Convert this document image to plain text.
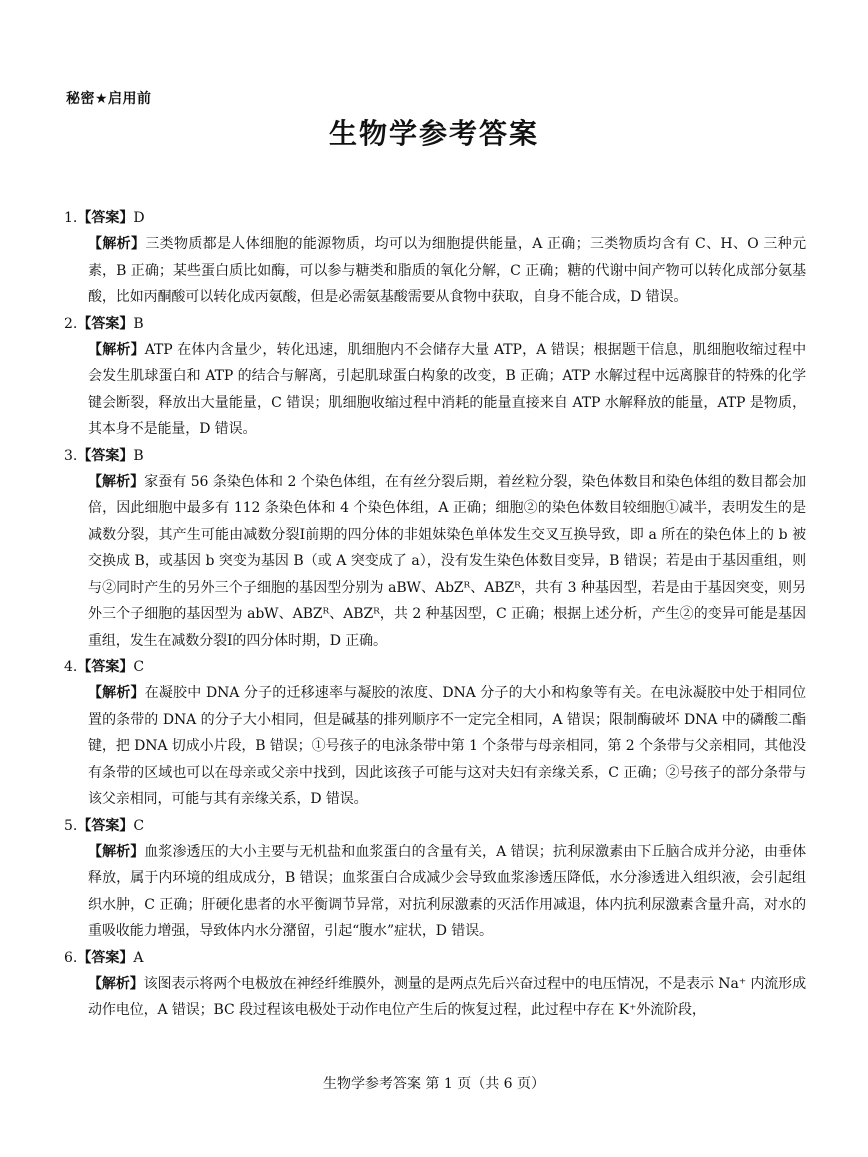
秘密★启用前
生物学参考答案
1.【答案】D
【解析】三类物质都是人体细胞的能源物质，均可以为细胞提供能量，A 正确；三类物质均含有 C、H、O 三种元素，B 正确；某些蛋白质比如酶，可以参与糖类和脂质的氧化分解，C 正确；糖的代谢中间产物可以转化成部分氨基酸，比如丙酮酸可以转化成丙氨酸，但是必需氨基酸需要从食物中获取，自身不能合成，D 错误。
2.【答案】B
【解析】ATP 在体内含量少，转化迅速，肌细胞内不会储存大量 ATP，A 错误；根据题干信息，肌细胞收缩过程中会发生肌球蛋白和 ATP 的结合与解离，引起肌球蛋白构象的改变，B 正确；ATP 水解过程中远离腺苷的特殊的化学键会断裂，释放出大量能量，C 错误；肌细胞收缩过程中消耗的能量直接来自 ATP 水解释放的能量，ATP 是物质，其本身不是能量，D 错误。
3.【答案】B
【解析】家蚕有 56 条染色体和 2 个染色体组，在有丝分裂后期，着丝粒分裂，染色体数目和染色体组的数目都会加倍，因此细胞中最多有 112 条染色体和 4 个染色体组，A 正确；细胞②的染色体数目较细胞①减半，表明发生的是减数分裂，其产生可能由减数分裂Ⅰ前期的四分体的非姐妹染色单体发生交叉互换导致，即 a 所在的染色体上的 b 被交换成 B，或基因 b 突变为基因 B（或 A 突变成了 a），没有发生染色体数目变异，B 错误；若是由于基因重组，则与②同时产生的另外三个子细胞的基因型分别为 aBW、AbZᴿ、ABZᴿ，共有 3 种基因型，若是由于基因突变，则另外三个子细胞的基因型为 abW、ABZᴿ、ABZᴿ，共 2 种基因型，C 正确；根据上述分析，产生②的变异可能是基因重组，发生在减数分裂Ⅰ的四分体时期，D 正确。
4.【答案】C
【解析】在凝胶中 DNA 分子的迁移速率与凝胶的浓度、DNA 分子的大小和构象等有关。在电泳凝胶中处于相同位置的条带的 DNA 的分子大小相同，但是碱基的排列顺序不一定完全相同，A 错误；限制酶破坏 DNA 中的磷酸二酯键，把 DNA 切成小片段，B 错误；①号孩子的电泳条带中第 1 个条带与母亲相同，第 2 个条带与父亲相同，其他没有条带的区域也可以在母亲或父亲中找到，因此该孩子可能与这对夫妇有亲缘关系，C 正确；②号孩子的部分条带与该父亲相同，可能与其有亲缘关系，D 错误。
5.【答案】C
【解析】血浆渗透压的大小主要与无机盐和血浆蛋白的含量有关，A 错误；抗利尿激素由下丘脑合成并分泌，由垂体释放，属于内环境的组成成分，B 错误；血浆蛋白合成减少会导致血浆渗透压降低，水分渗透进入组织液，会引起组织水肿，C 正确；肝硬化患者的水平衡调节异常，对抗利尿激素的灭活作用减退，体内抗利尿激素含量升高，对水的重吸收能力增强，导致体内水分潴留，引起“腹水”症状，D 错误。
6.【答案】A
【解析】该图表示将两个电极放在神经纤维膜外，测量的是两点先后兴奋过程中的电压情况，不是表示 Na⁺ 内流形成动作电位，A 错误；BC 段过程该电极处于动作电位产生后的恢复过程，此过程中存在 K⁺外流阶段，
生物学参考答案 第 1 页（共 6 页）
